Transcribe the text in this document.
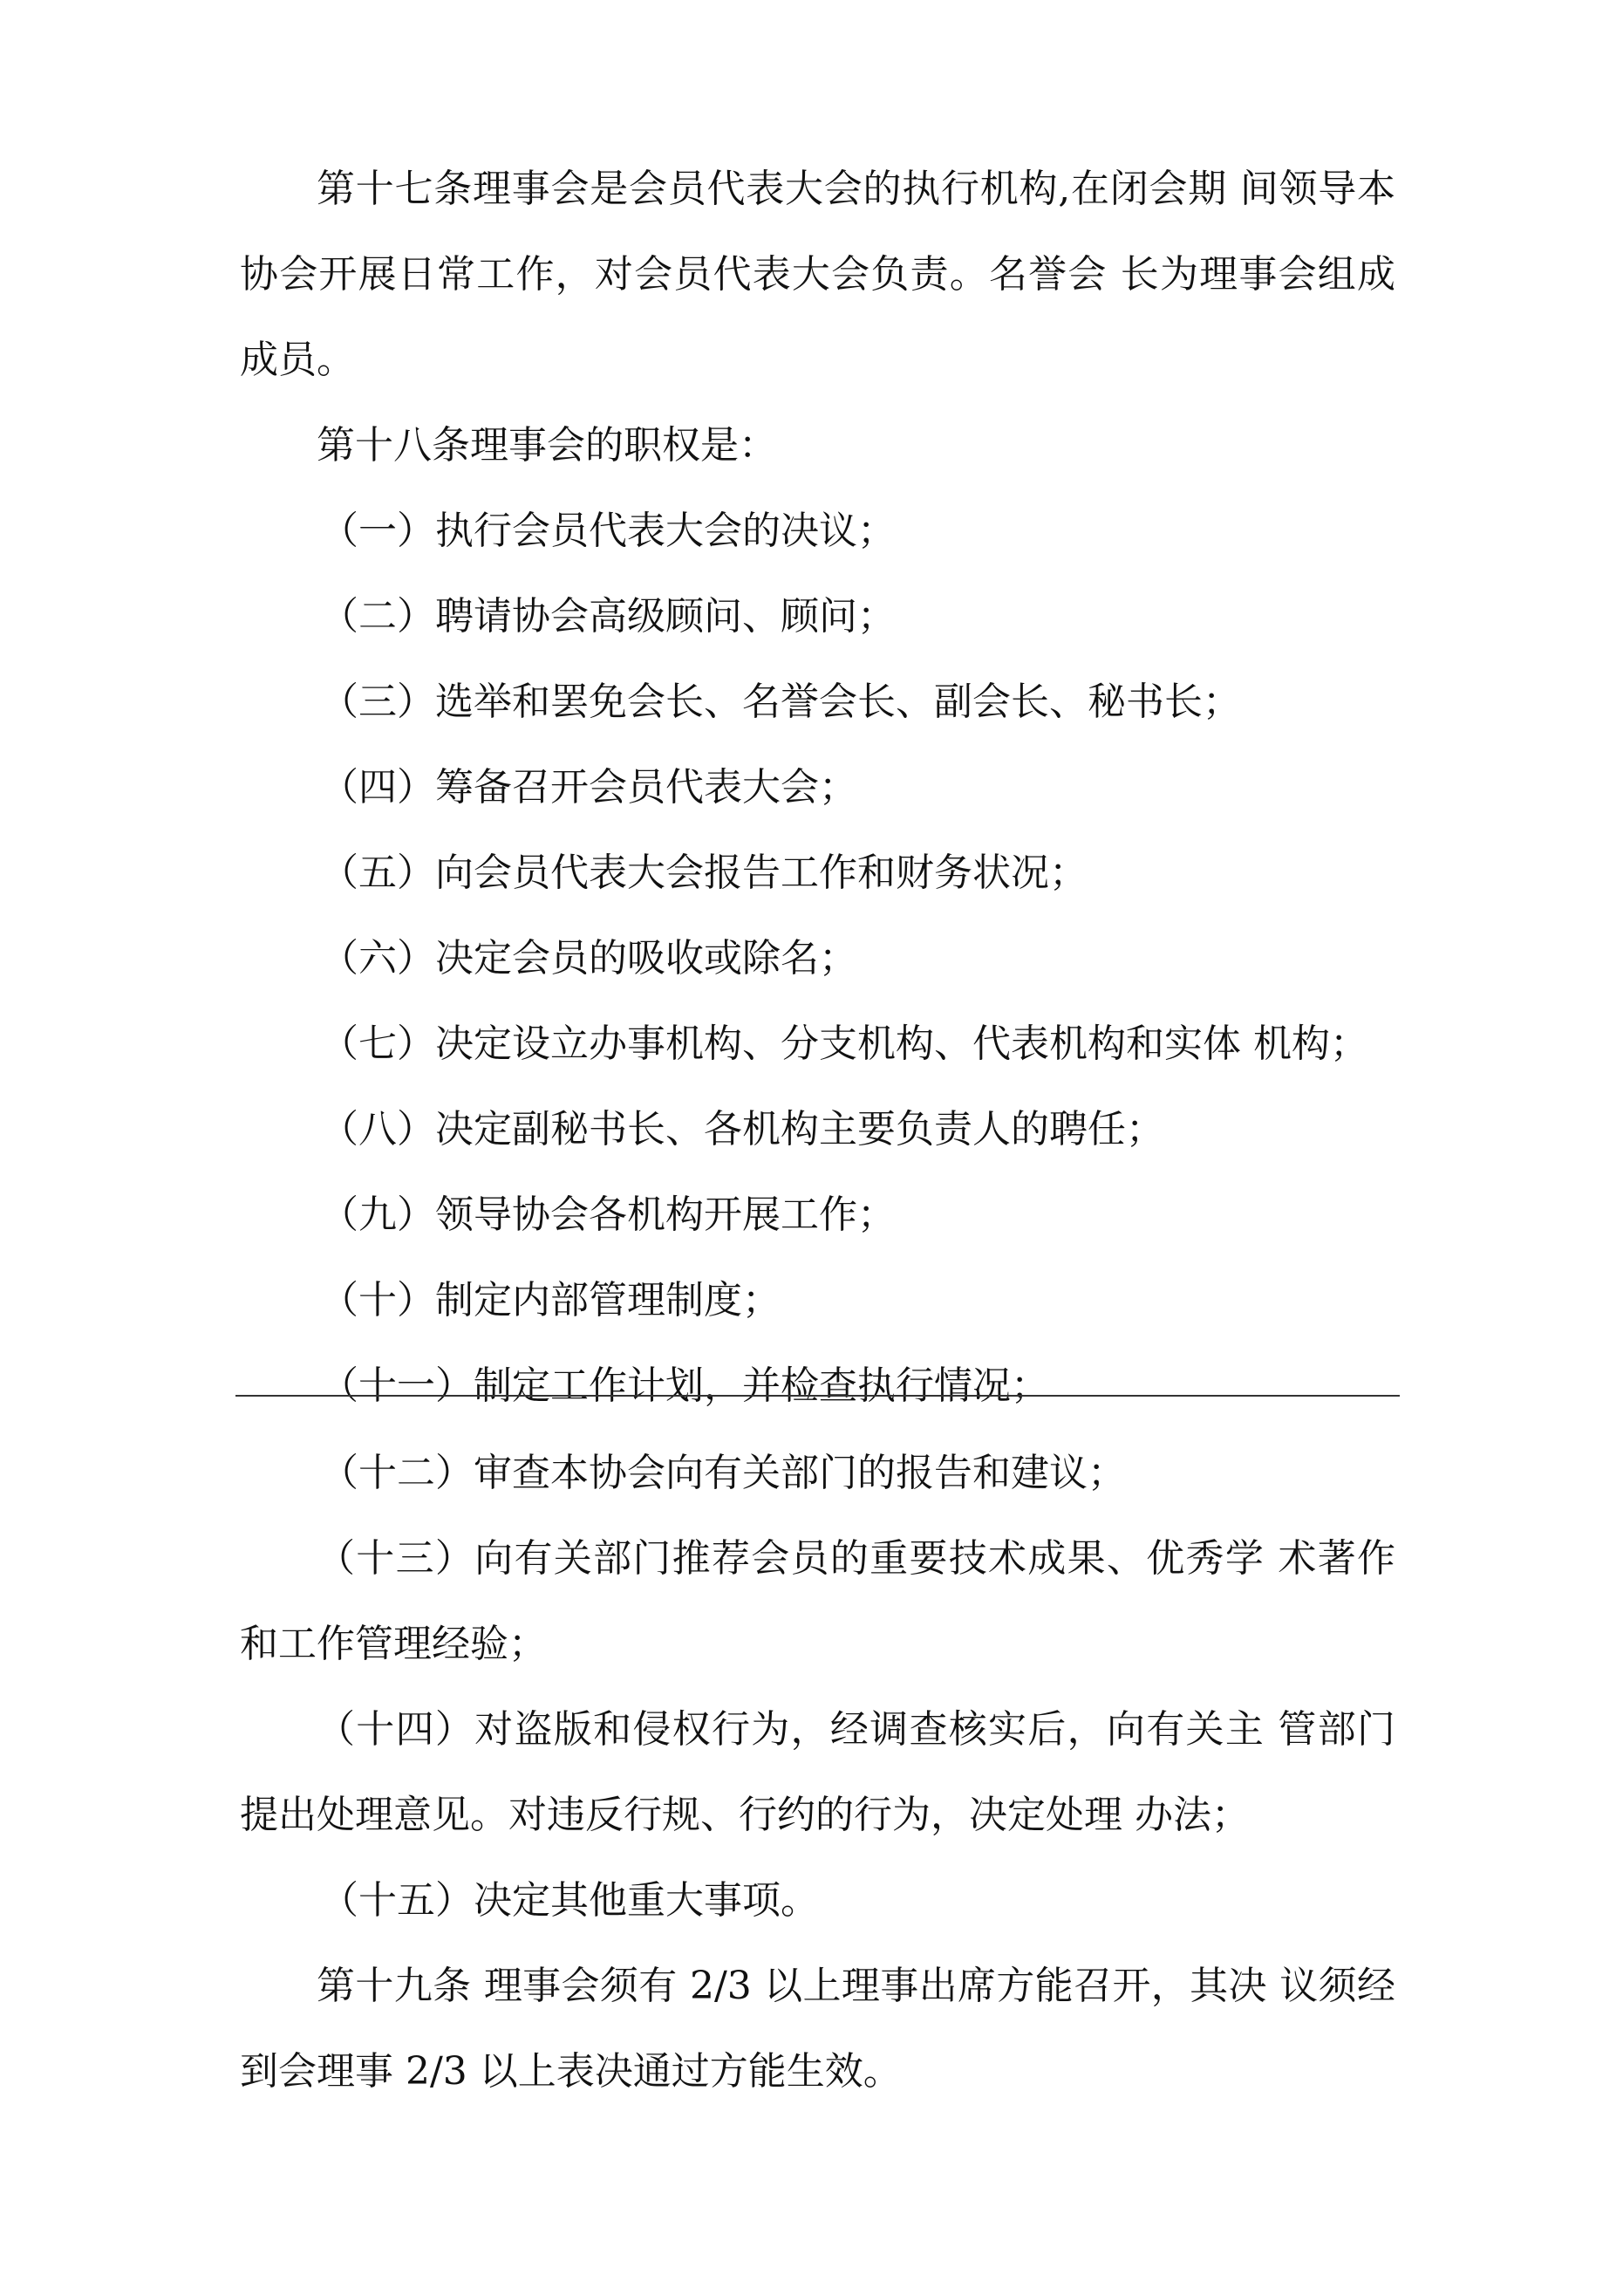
第十七条理事会是会员代表大会的执行机构,在闭会期 间领导本协会开展日常工作，对会员代表大会负责。名誉会 长为理事会组成成员。
第十八条理事会的职权是：
（一）执行会员代表大会的决议；
（二）聘请协会高级顾问、顾问；
（三）选举和罢免会长、名誉会长、副会长、秘书长；
（四）筹备召开会员代表大会；
（五）向会员代表大会报告工作和财务状况；
（六）决定会员的吸收或除名；
（七）决定设立办事机构、分支机构、代表机构和实体 机构；
（八）决定副秘书长、各机构主要负责人的聘任；
（九）领导协会各机构开展工作；
（十）制定内部管理制度；
（十一）制定工作计划，并检查执行情况；
（十二）审查本协会向有关部门的报告和建议；
（十三）向有关部门推荐会员的重要技术成果、优秀学 术著作和工作管理经验；
（十四）对盗版和侵权行为，经调查核实后，向有关主 管部门提出处理意见。对违反行规、行约的行为，决定处理 办法；
（十五）决定其他重大事项。
第十九条 理事会须有 2/3 以上理事出席方能召开，其决 议须经到会理事 2/3 以上表决通过方能生效。
